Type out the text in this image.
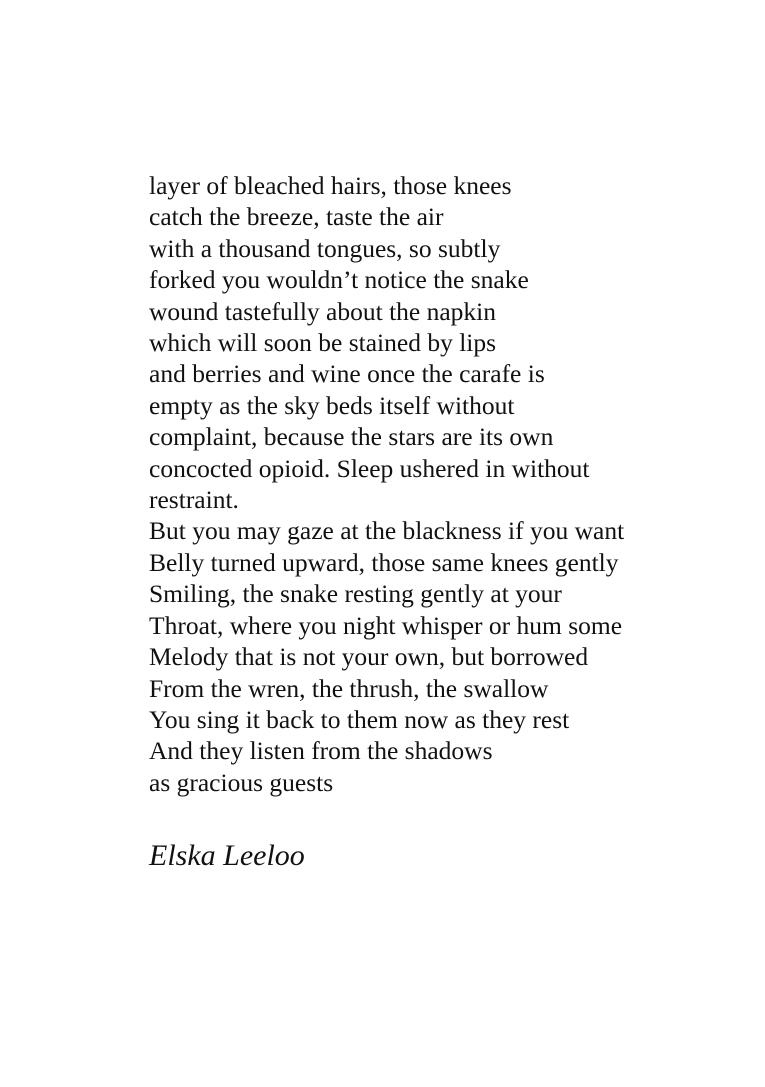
layer of bleached hairs, those knees
catch the breeze, taste the air
with a thousand tongues, so subtly
forked you wouldn’t notice the snake
wound tastefully about the napkin
which will soon be stained by lips
and berries and wine once the carafe is
empty as the sky beds itself without
complaint, because the stars are its own
concocted opioid. Sleep ushered in without
restraint.
But you may gaze at the blackness if you want
Belly turned upward, those same knees gently
Smiling, the snake resting gently at your
Throat, where you night whisper or hum some
Melody that is not your own, but borrowed
From the wren, the thrush, the swallow
You sing it back to them now as they rest
And they listen from the shadows
as gracious guests
Elska Leeloo
